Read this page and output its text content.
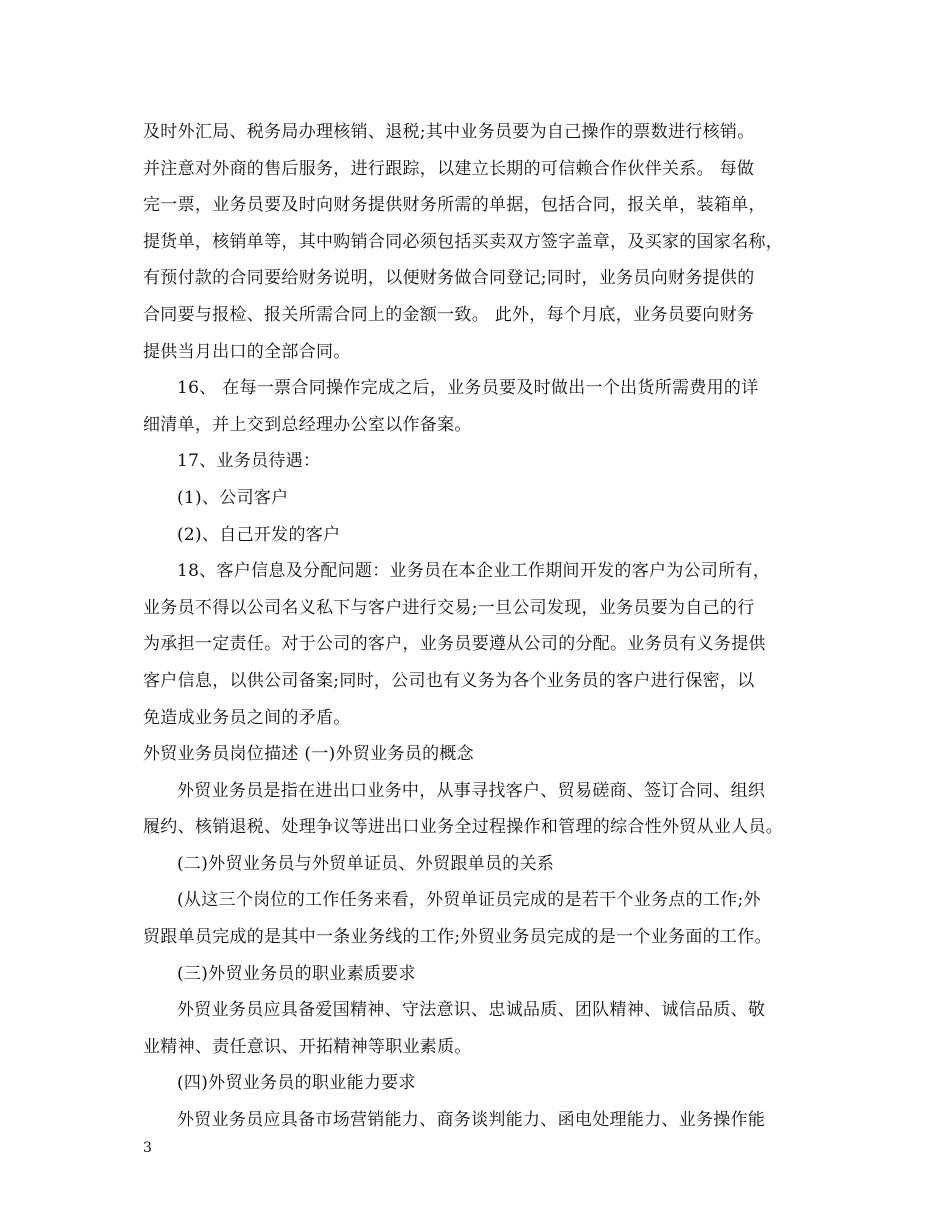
及时外汇局、税务局办理核销、退税;其中业务员要为自己操作的票数进行核销。
并注意对外商的售后服务，进行跟踪，以建立长期的可信赖合作伙伴关系。 每做
完一票，业务员要及时向财务提供财务所需的单据，包括合同，报关单，装箱单，
提货单，核销单等，其中购销合同必须包括买卖双方签字盖章，及买家的国家名称，
有预付款的合同要给财务说明，以便财务做合同登记;同时，业务员向财务提供的
合同要与报检、报关所需合同上的金额一致。 此外，每个月底，业务员要向财务
提供当月出口的全部合同。
16、 在每一票合同操作完成之后，业务员要及时做出一个出货所需费用的详
细清单，并上交到总经理办公室以作备案。
17、业务员待遇：
(1)、公司客户
(2)、自己开发的客户
18、客户信息及分配问题：业务员在本企业工作期间开发的客户为公司所有，
业务员不得以公司名义私下与客户进行交易;一旦公司发现，业务员要为自己的行
为承担一定责任。对于公司的客户，业务员要遵从公司的分配。业务员有义务提供
客户信息，以供公司备案;同时，公司也有义务为各个业务员的客户进行保密，以
免造成业务员之间的矛盾。
外贸业务员岗位描述 (一)外贸业务员的概念
外贸业务员是指在进出口业务中，从事寻找客户、贸易磋商、签订合同、组织
履约、核销退税、处理争议等进出口业务全过程操作和管理的综合性外贸从业人员。
(二)外贸业务员与外贸单证员、外贸跟单员的关系
(从这三个岗位的工作任务来看，外贸单证员完成的是若干个业务点的工作;外
贸跟单员完成的是其中一条业务线的工作;外贸业务员完成的是一个业务面的工作。
(三)外贸业务员的职业素质要求
外贸业务员应具备爱国精神、守法意识、忠诚品质、团队精神、诚信品质、敬
业精神、责任意识、开拓精神等职业素质。
(四)外贸业务员的职业能力要求
外贸业务员应具备市场营销能力、商务谈判能力、函电处理能力、业务操作能
3
